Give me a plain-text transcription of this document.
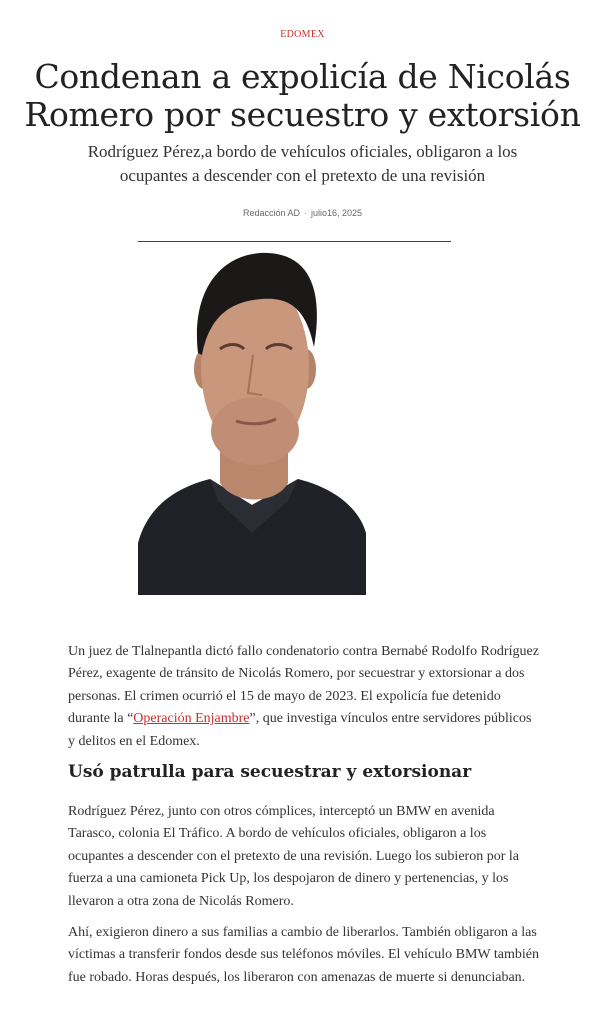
EDOMEX
Condenan a expolicía de Nicolás Romero por secuestro y extorsión

Rodríguez Pérez,a bordo de vehículos oficiales, obligaron a los ocupantes a descender con el pretexto de una revisión

Redacción AD · julio16, 2025

Un juez de Tlalnepantla dictó fallo condenatorio contra Bernabé Rodolfo Rodríguez Pérez, exagente de tránsito de Nicolás Romero, por secuestrar y extorsionar a dos personas. El crimen ocurrió el 15 de mayo de 2023. El expolicía fue detenido durante la “Operación Enjambre”, que investiga vínculos entre servidores públicos y delitos en el Edomex.

Usó patrulla para secuestrar y extorsionar

Rodríguez Pérez, junto con otros cómplices, interceptó un BMW en avenida Tarasco, colonia El Tráfico. A bordo de vehículos oficiales, obligaron a los ocupantes a descender con el pretexto de una revisión. Luego los subieron por la fuerza a una camioneta Pick Up, los despojaron de dinero y pertenencias, y los llevaron a otra zona de Nicolás Romero.

Ahí, exigieron dinero a sus familias a cambio de liberarlos. También obligaron a las víctimas a transferir fondos desde sus teléfonos móviles. El vehículo BMW también fue robado. Horas después, los liberaron con amenazas de muerte si denunciaban.
